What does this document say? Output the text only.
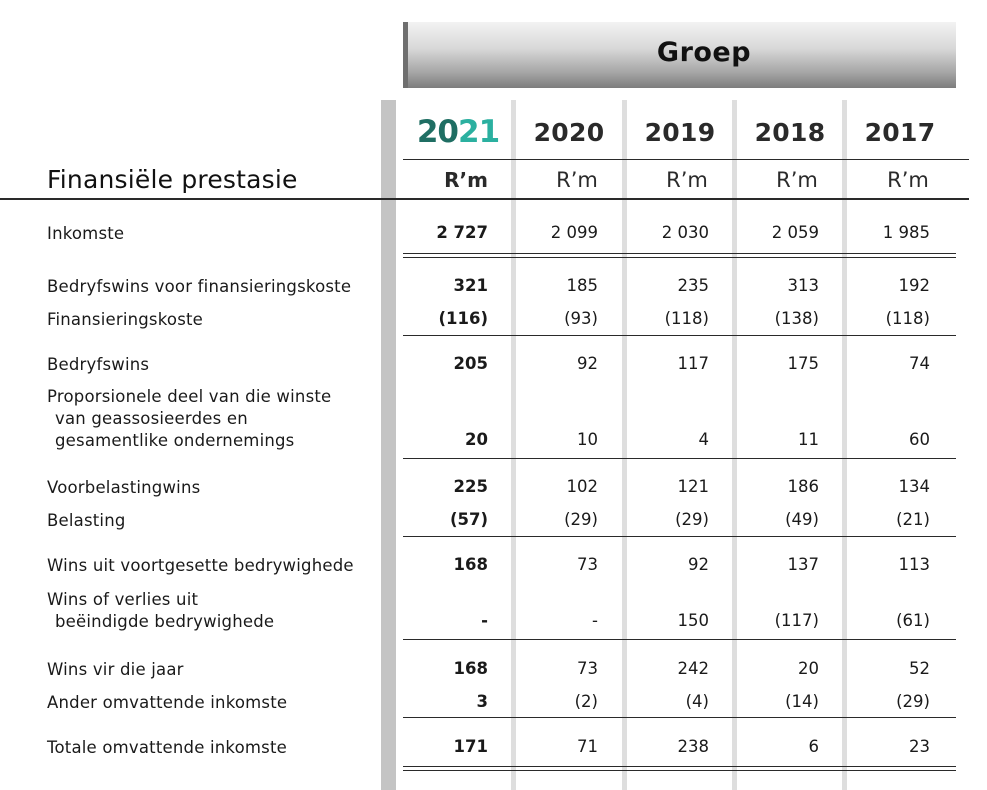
Groep
2021	2020	2019	2018	2017
Finansiële prestasie	R’m	R’m	R’m	R’m	R’m
Inkomste	2 727	2 099	2 030	2 059	1 985
Bedryfswins voor finansieringskoste	321	185	235	313	192
Finansieringskoste	(116)	(93)	(118)	(138)	(118)
Bedryfswins	205	92	117	175	74
Proporsionele deel van die winste
van geassosieerdes en
gesamentlike ondernemings	20	10	4	11	60
Voorbelastingwins	225	102	121	186	134
Belasting	(57)	(29)	(29)	(49)	(21)
Wins uit voortgesette bedrywighede	168	73	92	137	113
Wins of verlies uit
beëindigde bedrywighede	-	-	150	(117)	(61)
Wins vir die jaar	168	73	242	20	52
Ander omvattende inkomste	3	(2)	(4)	(14)	(29)
Totale omvattende inkomste	171	71	238	6	23
